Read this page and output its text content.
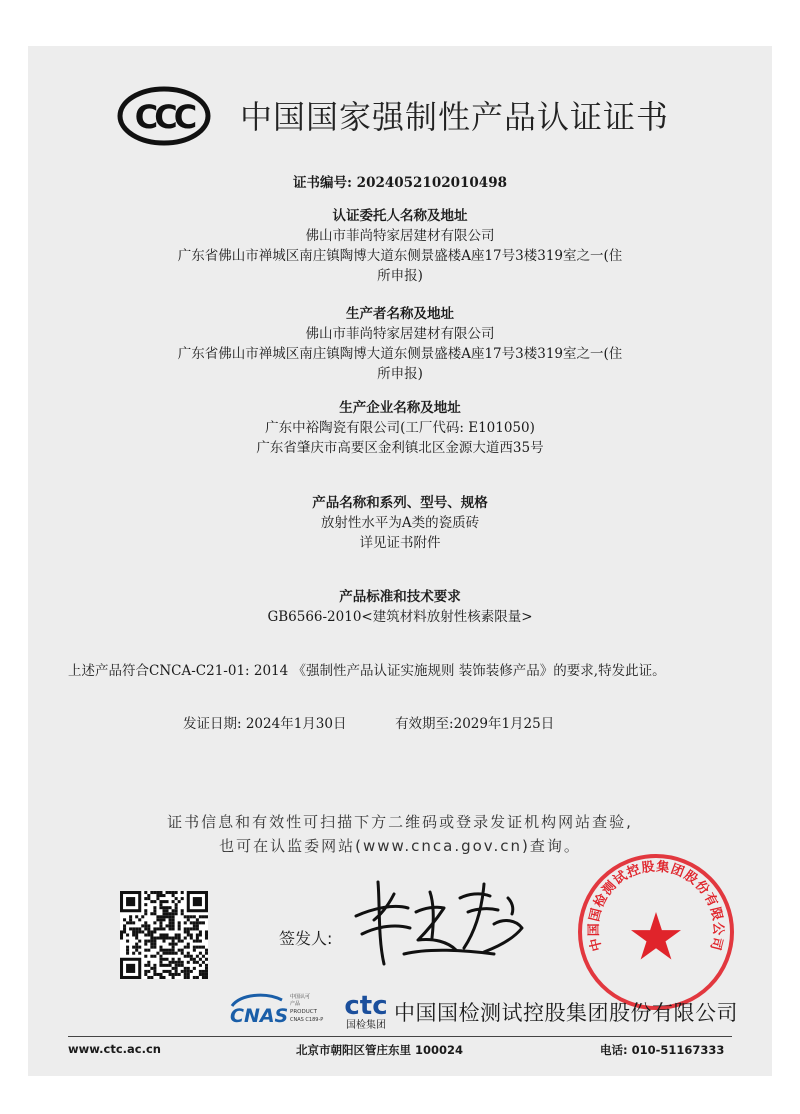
CCC 中国国家强制性产品认证证书
证书编号: 2024052102010498
认证委托人名称及地址
佛山市菲尚特家居建材有限公司
广东省佛山市禅城区南庄镇陶博大道东侧景盛楼A座17号3楼319室之一(住
所申报)
生产者名称及地址
佛山市菲尚特家居建材有限公司
广东省佛山市禅城区南庄镇陶博大道东侧景盛楼A座17号3楼319室之一(住
所申报)
生产企业名称及地址
广东中裕陶瓷有限公司(工厂代码: E101050)
广东省肇庆市高要区金利镇北区金源大道西35号
产品名称和系列、型号、规格
放射性水平为A类的瓷质砖
详见证书附件
产品标准和技术要求
GB6566-2010<建筑材料放射性核素限量>
上述产品符合CNCA-C21-01: 2014 《强制性产品认证实施规则 装饰装修产品》的要求,特发此证。
发证日期: 2024年1月30日	有效期至:2029年1月25日
证书信息和有效性可扫描下方二维码或登录发证机构网站查验,
也可在认监委网站(www.cnca.gov.cn)查询。
签发人:	中国国检测试控股集团股份有限公司
CNAS
中国认可
产品
PRODUCT
CNAS C189-P ctc
国检集团
中国国检测试控股集团股份有限公司
www.ctc.ac.cn	北京市朝阳区管庄东里 100024	电话: 010-51167333
